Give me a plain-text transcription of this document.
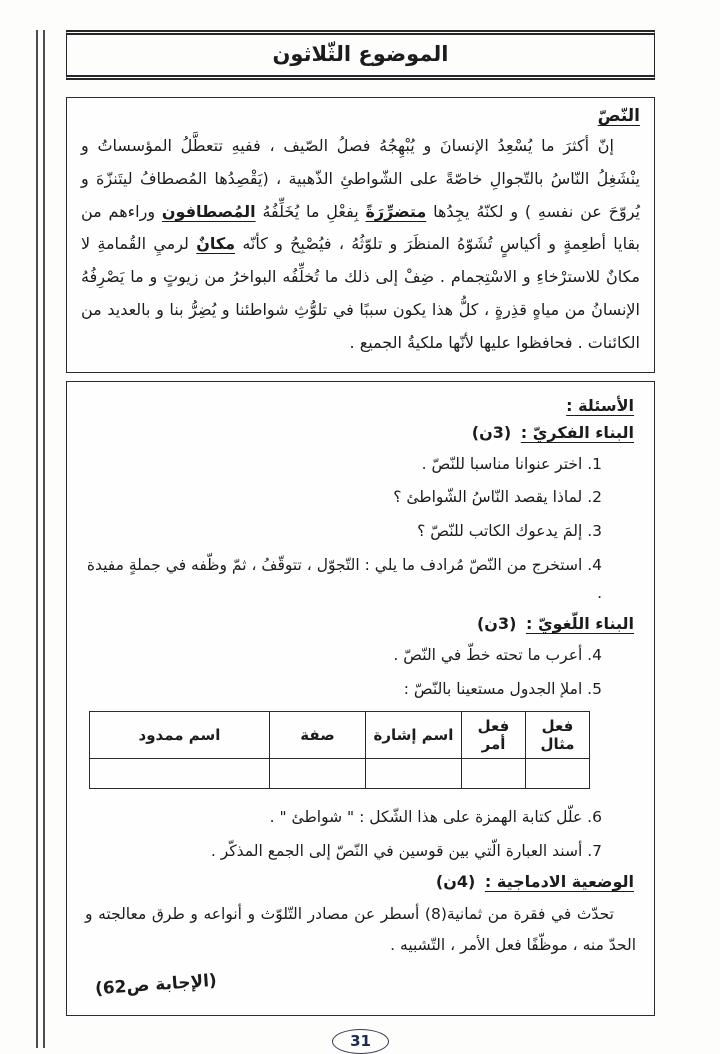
الموضوع الثّلاثون
النّصّ
إنّ أكثرَ ما يُسْعِدُ الإنسانَ و يُبْهِجُهُ فصلُ الصّيف ، ففيهِ تتعطَّلُ المؤسساتُ و ينْشَغِلُ النّاسُ بالتّجوالِ خاصّةً على الشّواطئِ الذّهبية ، (يَقْصِدُها المُصطافُ ليتَنزّهَ و يُروّحَ عن نفسهِ ) و لكنّهُ يجِدُها متضرِّرَةً بِفعْلِ ما يُخَلِّفُهُ المُصطافون وراءهم من بقايا أطعِمةٍ و أكياسٍ تُشَوّهُ المنظَرَ و تلوّثُهُ ، فيُصْبِحُ و كأنّه مكانٌ لرميِ القُمامةِ لا مكانٌ للاسترْخاءِ و الاسْتِجمام . ضِفْ إلى ذلك ما تُخلِّفُه البواخرُ من زيوتٍ و ما يَصْرِفُهُ الإنسانُ من مياهٍ قذِرةٍ ، كلُّ هذا يكون سببًا في تلوُّثِ شواطئنا و يُضِرُّ بنا و بالعديد من الكائنات . فحافظوا عليها لأنّها ملكيةُ الجميع .
الأسئلة :
البناء الفكريّ : (3ن)
1. اختر عنوانا مناسبا للنّصّ .
2. لماذا يقصد النّاسُ الشّواطئ ؟
3. إلمَ يدعوك الكاتب للنّصّ ؟
4. استخرج من النّصّ مُرادف ما يلي : التّجوّل ، تتوقّفُ ، ثمّ وظّفه في جملةٍ مفيدة .
البناء اللّغويّ : (3ن)
4. أعرب ما تحته خطّ في النّصّ .
5. املإ الجدول مستعينا بالنّصّ :
فعل مثال	فعل أمر	اسم إشارة	صفة	اسم ممدود

6. علّل كتابة الهمزة على هذا الشّكل : " شواطئ " .
7. أسند العبارة الّتي بين قوسين في النّصّ إلى الجمع المذكّر .
الوضعية الادماجية : (4ن)
تحدّث في فقرة من ثمانية(8) أسطر عن مصادر التّلوّث و أنواعه و طرق معالجته و الحدّ منه ، موظّفًا فعل الأمر ، التّشبيه .
(الإجابة ص62)
31
